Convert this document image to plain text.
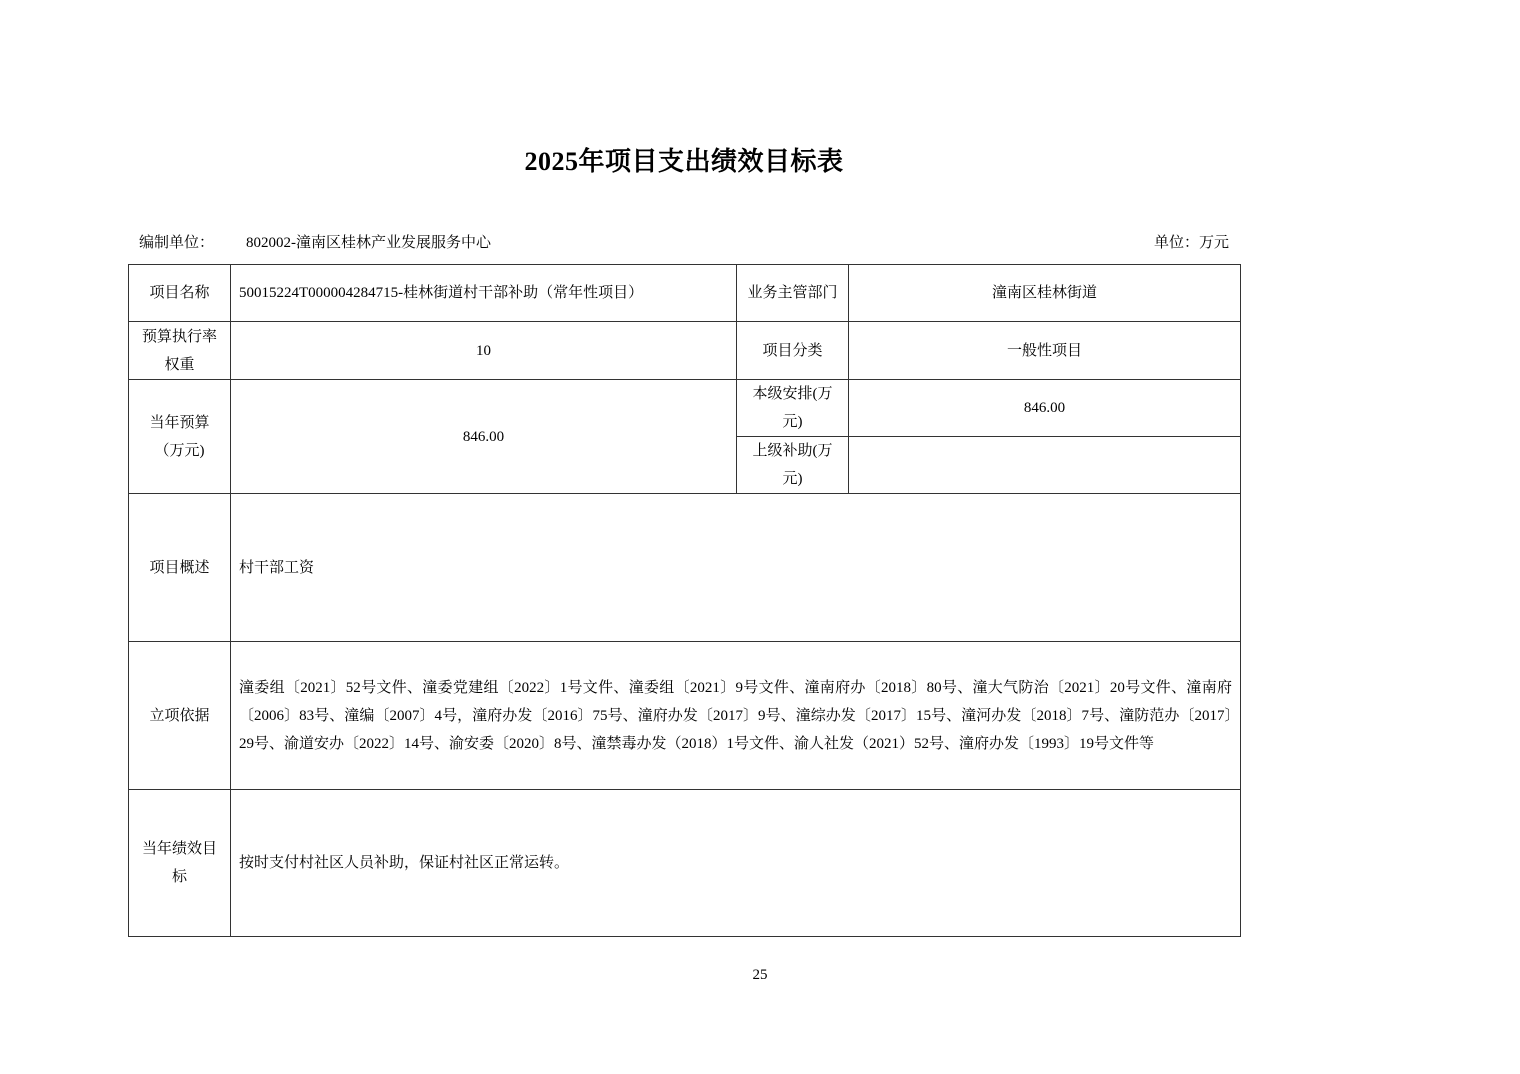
2025年项目支出绩效目标表
编制单位： 802002-潼南区桂林产业发展服务中心	单位：万元
项目名称	50015224T000004284715-桂林街道村干部补助（常年性项目）	业务主管部门	潼南区桂林街道
预算执行率权重	10	项目分类	一般性项目
当年预算（万元)	846.00	本级安排(万元)	846.00
		上级补助(万元)	
项目概述	村干部工资		
立项依据	潼委组〔2021〕52号文件、潼委党建组〔2022〕1号文件、潼委组〔2021〕9号文件、潼南府办〔2018〕80号、潼大气防治〔2021〕20号文件、潼南府〔2006〕83号、潼编〔2007〕4号，潼府办发〔2016〕75号、潼府办发〔2017〕9号、潼综办发〔2017〕15号、潼河办发〔2018〕7号、潼防范办〔2017〕29号、渝道安办〔2022〕14号、渝安委〔2020〕8号、潼禁毒办发（2018）1号文件、渝人社发（2021）52号、潼府办发〔1993〕19号文件等		
当年绩效目标	按时支付村社区人员补助，保证村社区正常运转。		
25
